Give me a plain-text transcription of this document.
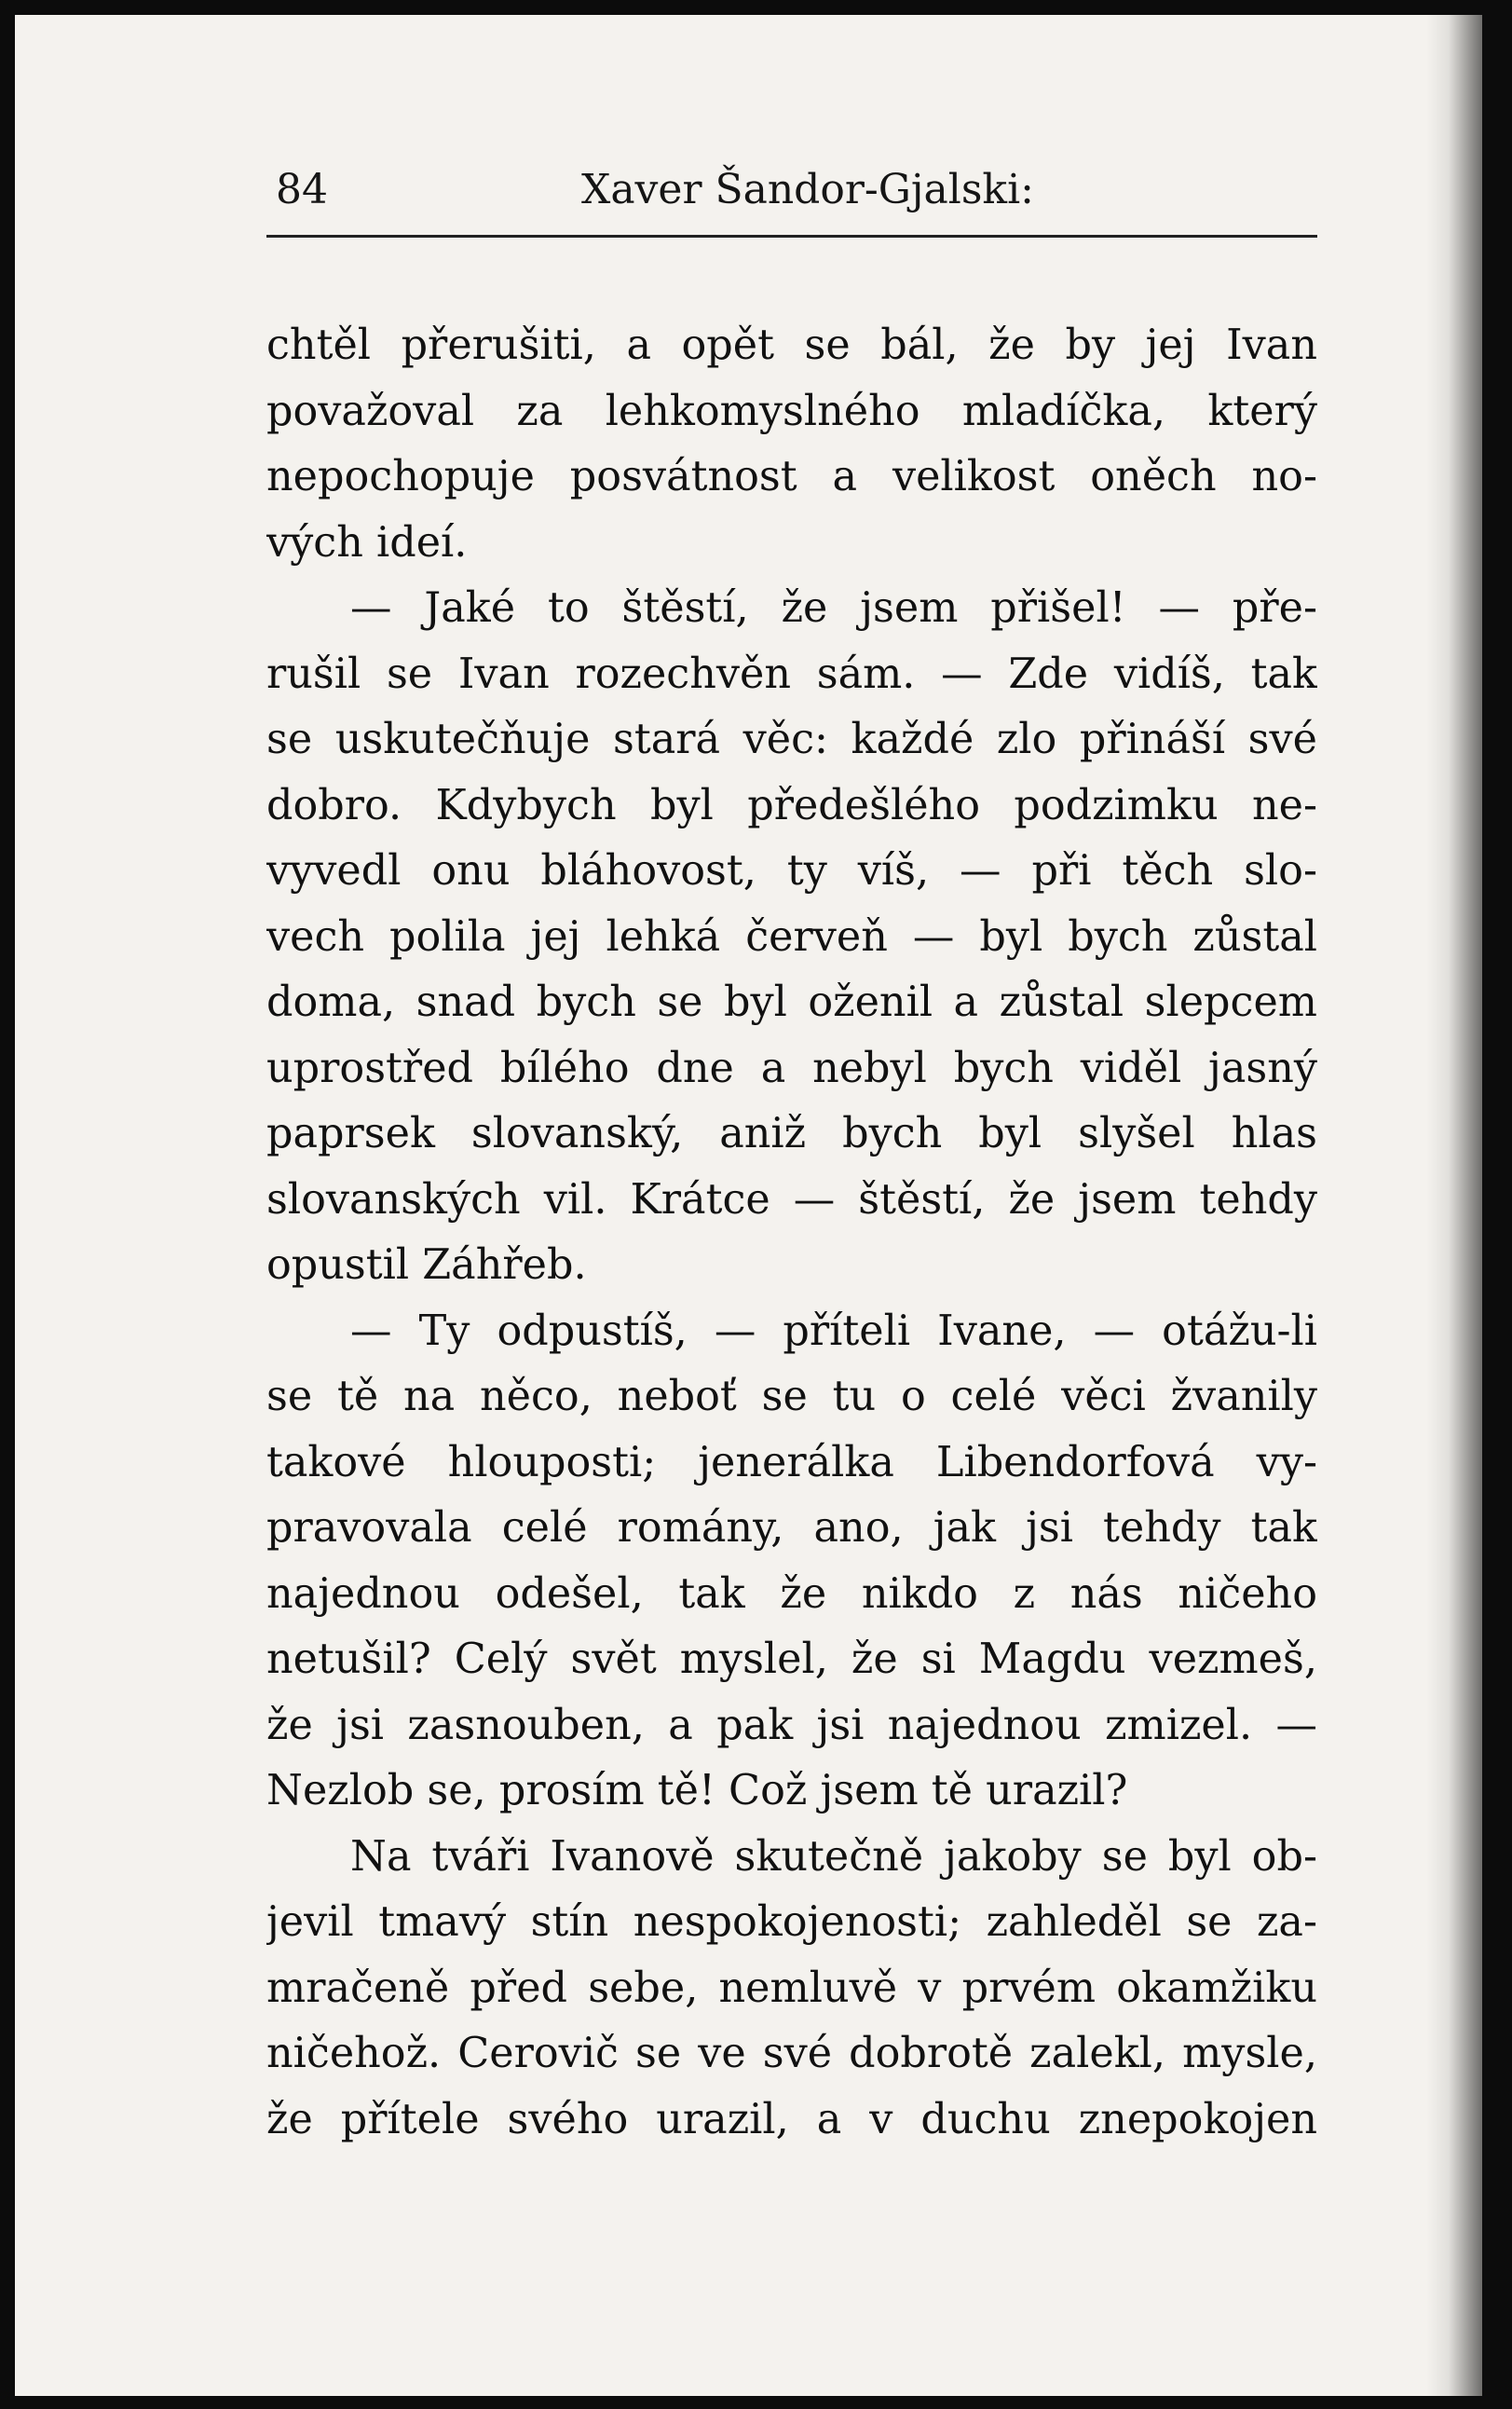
84	Xaver Šandor-Gjalski:
chtěl přerušiti, a opět se bál, že by jej Ivan
považoval za lehkomyslného mladíčka, který
nepochopuje posvátnost a velikost oněch no-
vých ideí.
— Jaké to štěstí, že jsem přišel! — pře-
rušil se Ivan rozechvěn sám. — Zde vidíš, tak
se uskutečňuje stará věc: každé zlo přináší své
dobro. Kdybych byl předešlého podzimku ne-
vyvedl onu bláhovost, ty víš, — při těch slo-
vech polila jej lehká červeň — byl bych zůstal
doma, snad bych se byl oženil a zůstal slepcem
uprostřed bílého dne a nebyl bych viděl jasný
paprsek slovanský, aniž bych byl slyšel hlas
slovanských vil. Krátce — štěstí, že jsem tehdy
opustil Záhřeb.
— Ty odpustíš, — příteli Ivane, — otážu-li
se tě na něco, neboť se tu o celé věci žvanily
takové hlouposti; jenerálka Libendorfová vy-
pravovala celé romány, ano, jak jsi tehdy tak
najednou odešel, tak že nikdo z nás ničeho
netušil? Celý svět myslel, že si Magdu vezmeš,
že jsi zasnouben, a pak jsi najednou zmizel. —
Nezlob se, prosím tě! Což jsem tě urazil?
Na tváři Ivanově skutečně jakoby se byl ob-
jevil tmavý stín nespokojenosti; zahleděl se za-
mračeně před sebe, nemluvě v prvém okamžiku
ničehož. Cerovič se ve své dobrotě zalekl, mysle,
že přítele svého urazil, a v duchu znepokojen
